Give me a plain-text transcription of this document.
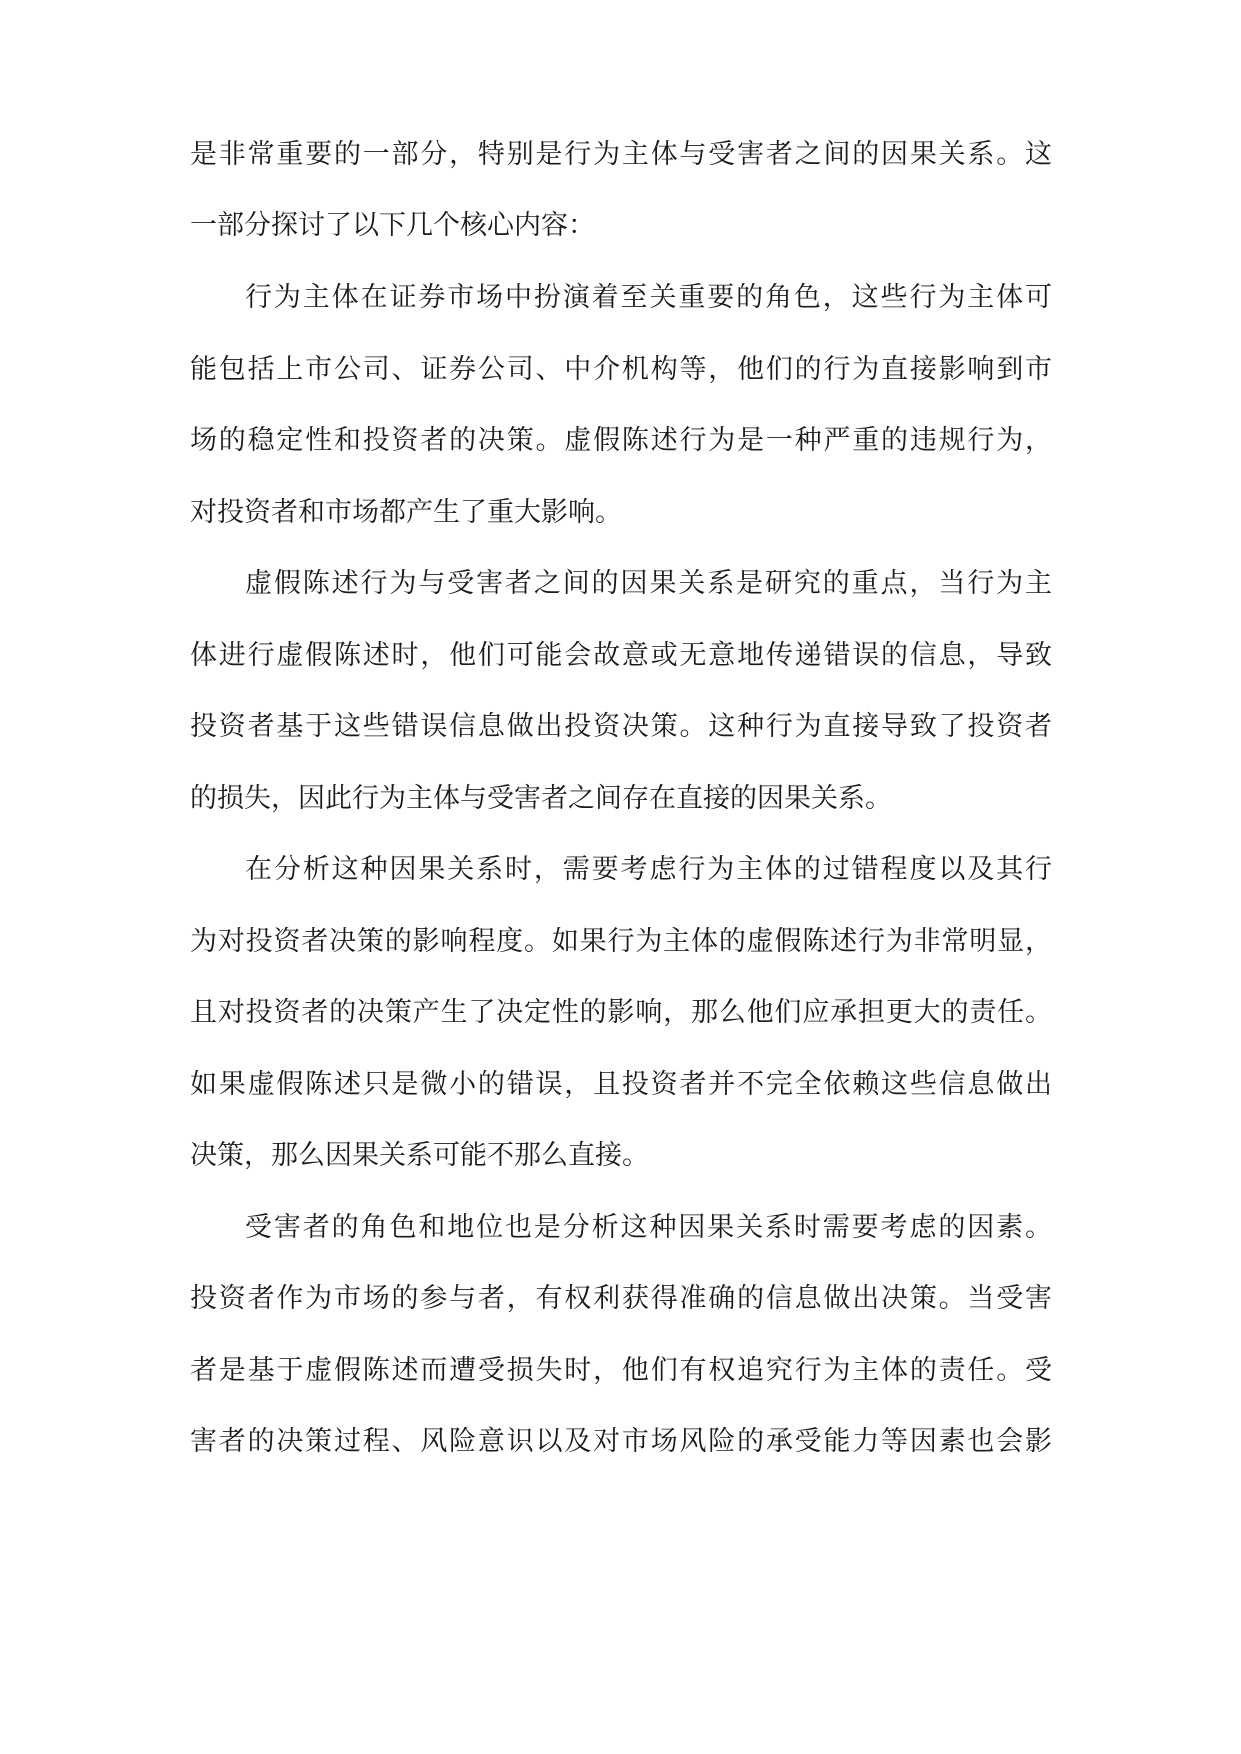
是非常重要的一部分，特别是行为主体与受害者之间的因果关系。这
一部分探讨了以下几个核心内容：
行为主体在证券市场中扮演着至关重要的角色，这些行为主体可
能包括上市公司、证券公司、中介机构等，他们的行为直接影响到市
场的稳定性和投资者的决策。虚假陈述行为是一种严重的违规行为，
对投资者和市场都产生了重大影响。
虚假陈述行为与受害者之间的因果关系是研究的重点，当行为主
体进行虚假陈述时，他们可能会故意或无意地传递错误的信息，导致
投资者基于这些错误信息做出投资决策。这种行为直接导致了投资者
的损失，因此行为主体与受害者之间存在直接的因果关系。
在分析这种因果关系时，需要考虑行为主体的过错程度以及其行
为对投资者决策的影响程度。如果行为主体的虚假陈述行为非常明显，
且对投资者的决策产生了决定性的影响，那么他们应承担更大的责任。
如果虚假陈述只是微小的错误，且投资者并不完全依赖这些信息做出
决策，那么因果关系可能不那么直接。
受害者的角色和地位也是分析这种因果关系时需要考虑的因素。
投资者作为市场的参与者，有权利获得准确的信息做出决策。当受害
者是基于虚假陈述而遭受损失时，他们有权追究行为主体的责任。受
害者的决策过程、风险意识以及对市场风险的承受能力等因素也会影
